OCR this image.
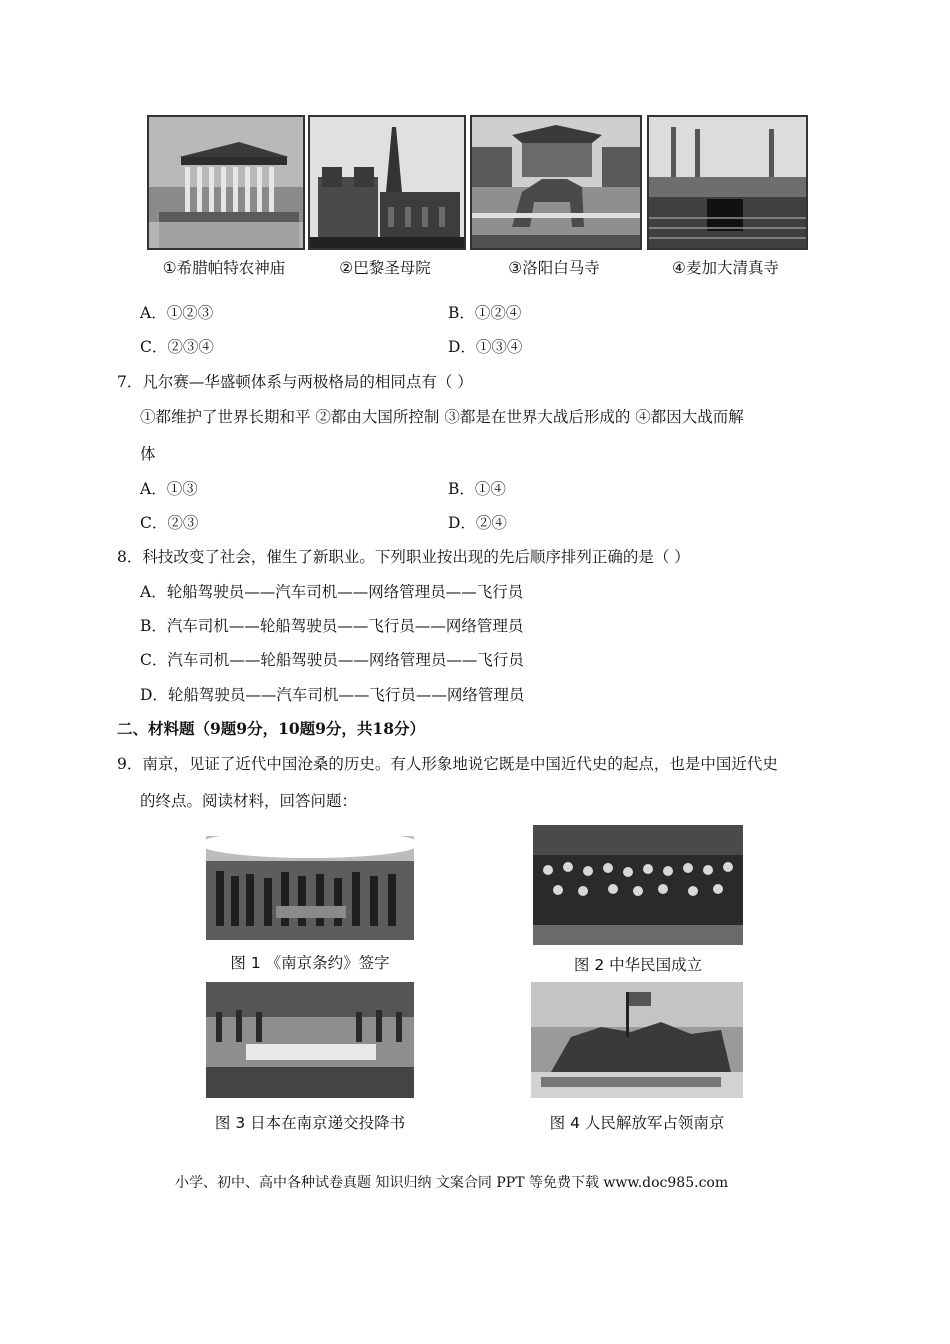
①希腊帕特农神庙	②巴黎圣母院	③洛阳白马寺	④麦加大清真寺
A．①②③	B．①②④
C．②③④	D．①③④
7．凡尔赛—华盛顿体系与两极格局的相同点有（ ）
①都维护了世界长期和平 ②都由大国所控制 ③都是在世界大战后形成的 ④都因大战而解
体
A．①③	B．①④
C．②③	D．②④
8．科技改变了社会，催生了新职业。下列职业按出现的先后顺序排列正确的是（ ）
A．轮船驾驶员——汽车司机——网络管理员——飞行员
B．汽车司机——轮船驾驶员——飞行员——网络管理员
C．汽车司机——轮船驾驶员——网络管理员——飞行员
D．轮船驾驶员——汽车司机——飞行员——网络管理员
二、材料题（9题9分，10题9分，共18分）
9．南京，见证了近代中国沧桑的历史。有人形象地说它既是中国近代史的起点，也是中国近代史
的终点。阅读材料，回答问题：
图 1 《南京条约》签字	图 2 中华民国成立
图 3 日本在南京递交投降书	图 4 人民解放军占领南京
小学、初中、高中各种试卷真题 知识归纳 文案合同 PPT 等免费下载 www.doc985.com
